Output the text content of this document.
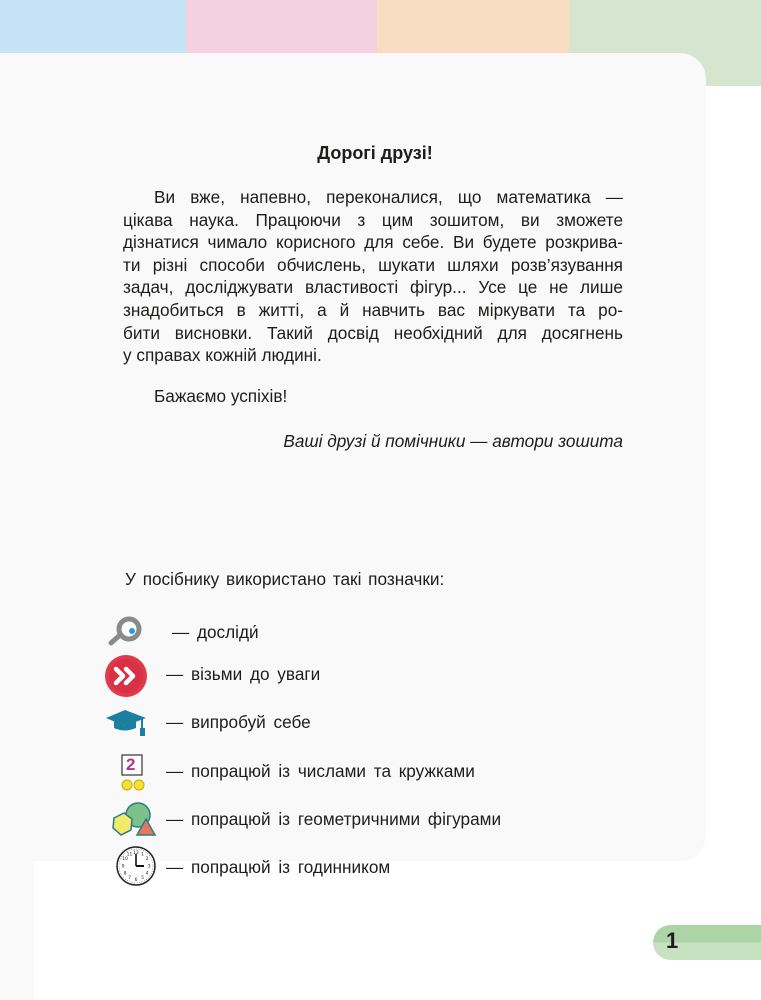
Дорогі друзі!
Ви вже, напевно, переконалися, що математика —
цікава наука. Працюючи з цим зошитом, ви зможете
дізнатися чимало корисного для себе. Ви будете розкрива-
ти різні способи обчислень, шукати шляхи розв’язування
задач, досліджувати властивості фігур... Усе це не лише
знадобиться в житті, а й навчить вас міркувати та ро-
бити висновки. Такий досвід необхідний для досягнень
у справах кожній людині.
Бажаємо успіхів!
Ваші друзі й помічники — автори зошита
У посібнику використано такі позначки:
— досліди́
— візьми до уваги
— випробуй себе
2 — попрацюй із числами та кружками
— попрацюй із геометричними фігурами
12 1
2
3
4
5
6
7
8
9
10
11
— попрацюй із годинником
1
